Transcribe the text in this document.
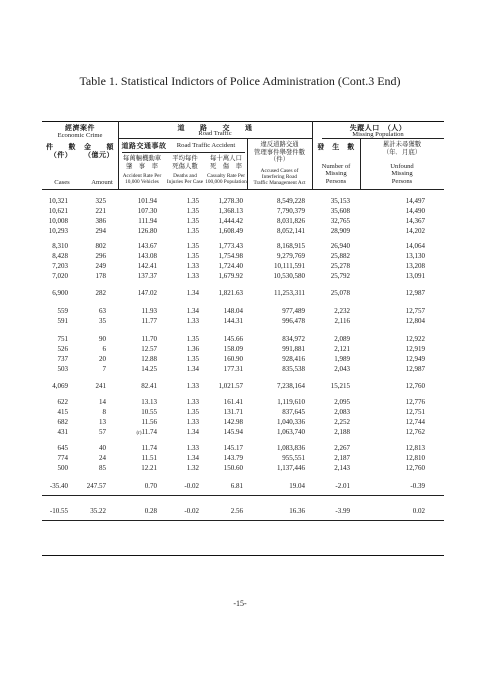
Table 1. Statistical Indictors of Police Administration (Cont.3 End)
經濟案件
Economic Crime
件　　數
（件）
Cases
金　　額
（億元）
Amount
道　　路　　交　　通
Road Traffic
道路交通事故	Road Traffic Accident
每萬輛機動車
肇　事　率
Accident Rate Per
10,000 Vehicles
平均每件
死傷人數
Deaths and
Injuries Per Case
每十萬人口
死　傷　率
Casualty Rate Per
100,000 Population
違反道路交通
管理事件舉發件數
（件）
Accused Cases of
Interfering Road
Traffic Management Act
失蹤人口　（人）
Missing Population
發　生　數
Number of
Missing
Persons
累計未尋獲數
（年．月底）
Unfound
Missing
Persons
10,321	325	101.94	1.35	1,278.30	8,549,228	35,153	14,497
10,621	221	107.30	1.35	1,368.13	7,790,379	35,608	14,490
10,008	386	111.94	1.35	1,444.42	8,031,826	32,765	14,367
10,293	294	126.80	1.35	1,608.49	8,052,141	28,909	14,202
8,310	802	143.67	1.35	1,773.43	8,168,915	26,940	14,064
8,428	296	143.08	1.35	1,754.98	9,279,769	25,882	13,130
7,203	249	142.41	1.33	1,724.40	10,111,591	25,278	13,208
7,020	178	137.37	1.33	1,679.92	10,530,580	25,792	13,091
6,900	282	147.02	1.34	1,821.63	11,253,311	25,078	12,987
559	63	11.93	1.34	148.04	977,489	2,232	12,757
591	35	11.77	1.33	144.31	996,478	2,116	12,804
751	90	11.70	1.35	145.66	834,972	2,089	12,922
526	6	12.57	1.36	158.09	991,881	2,121	12,919
737	20	12.88	1.35	160.90	928,416	1,989	12,949
503	7	14.25	1.34	177.31	835,538	2,043	12,987
4,069	241	82.41	1.33	1,021.57	7,238,164	15,215	12,760
622	14	13.13	1.33	161.41	1,119,610	2,095	12,776
415	8	10.55	1.35	131.71	837,645	2,083	12,751
682	13	11.56	1.33	142.98	1,040,336	2,252	12,744
431	57	(r)11.74	1.34	145.94	1,063,740	2,188	12,762
645	40	11.74	1.33	145.17	1,083,836	2,267	12,813
774	24	11.51	1.34	143.79	955,551	2,187	12,810
500	85	12.21	1.32	150.60	1,137,446	2,143	12,760
-35.40	247.57	0.70	-0.02	6.81	19.04	-2.01	-0.39
-10.55	35.22	0.28	-0.02	2.56	16.36	-3.99	0.02
-15-
